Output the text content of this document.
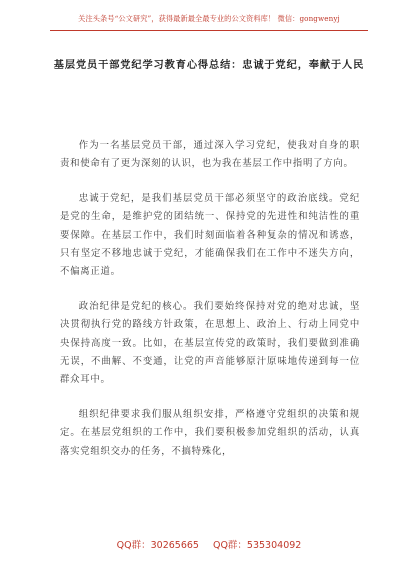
关注头条号“公文研究”，获得最新最全最专业的公文资料库！ 微信：gongwenyj
基层党员干部党纪学习教育心得总结：忠诚于党纪，奉献于人民

作为一名基层党员干部，通过深入学习党纪，使我对自身的职责和使命有了更为深刻的认识，也为我在基层工作中指明了方向。

忠诚于党纪，是我们基层党员干部必须坚守的政治底线。党纪是党的生命，是维护党的团结统一、保持党的先进性和纯洁性的重要保障。在基层工作中，我们时刻面临着各种复杂的情况和诱惑，只有坚定不移地忠诚于党纪，才能确保我们在工作中不迷失方向，不偏离正道。

政治纪律是党纪的核心。我们要始终保持对党的绝对忠诚，坚决贯彻执行党的路线方针政策，在思想上、政治上、行动上同党中央保持高度一致。比如，在基层宣传党的政策时，我们要做到准确无误，不曲解、不变通，让党的声音能够原汁原味地传递到每一位群众耳中。

组织纪律要求我们服从组织安排，严格遵守党组织的决策和规定。在基层党组织的工作中，我们要积极参加党组织的活动，认真落实党组织交办的任务，不搞特殊化，

QQ群：30265665 QQ群：535304092
